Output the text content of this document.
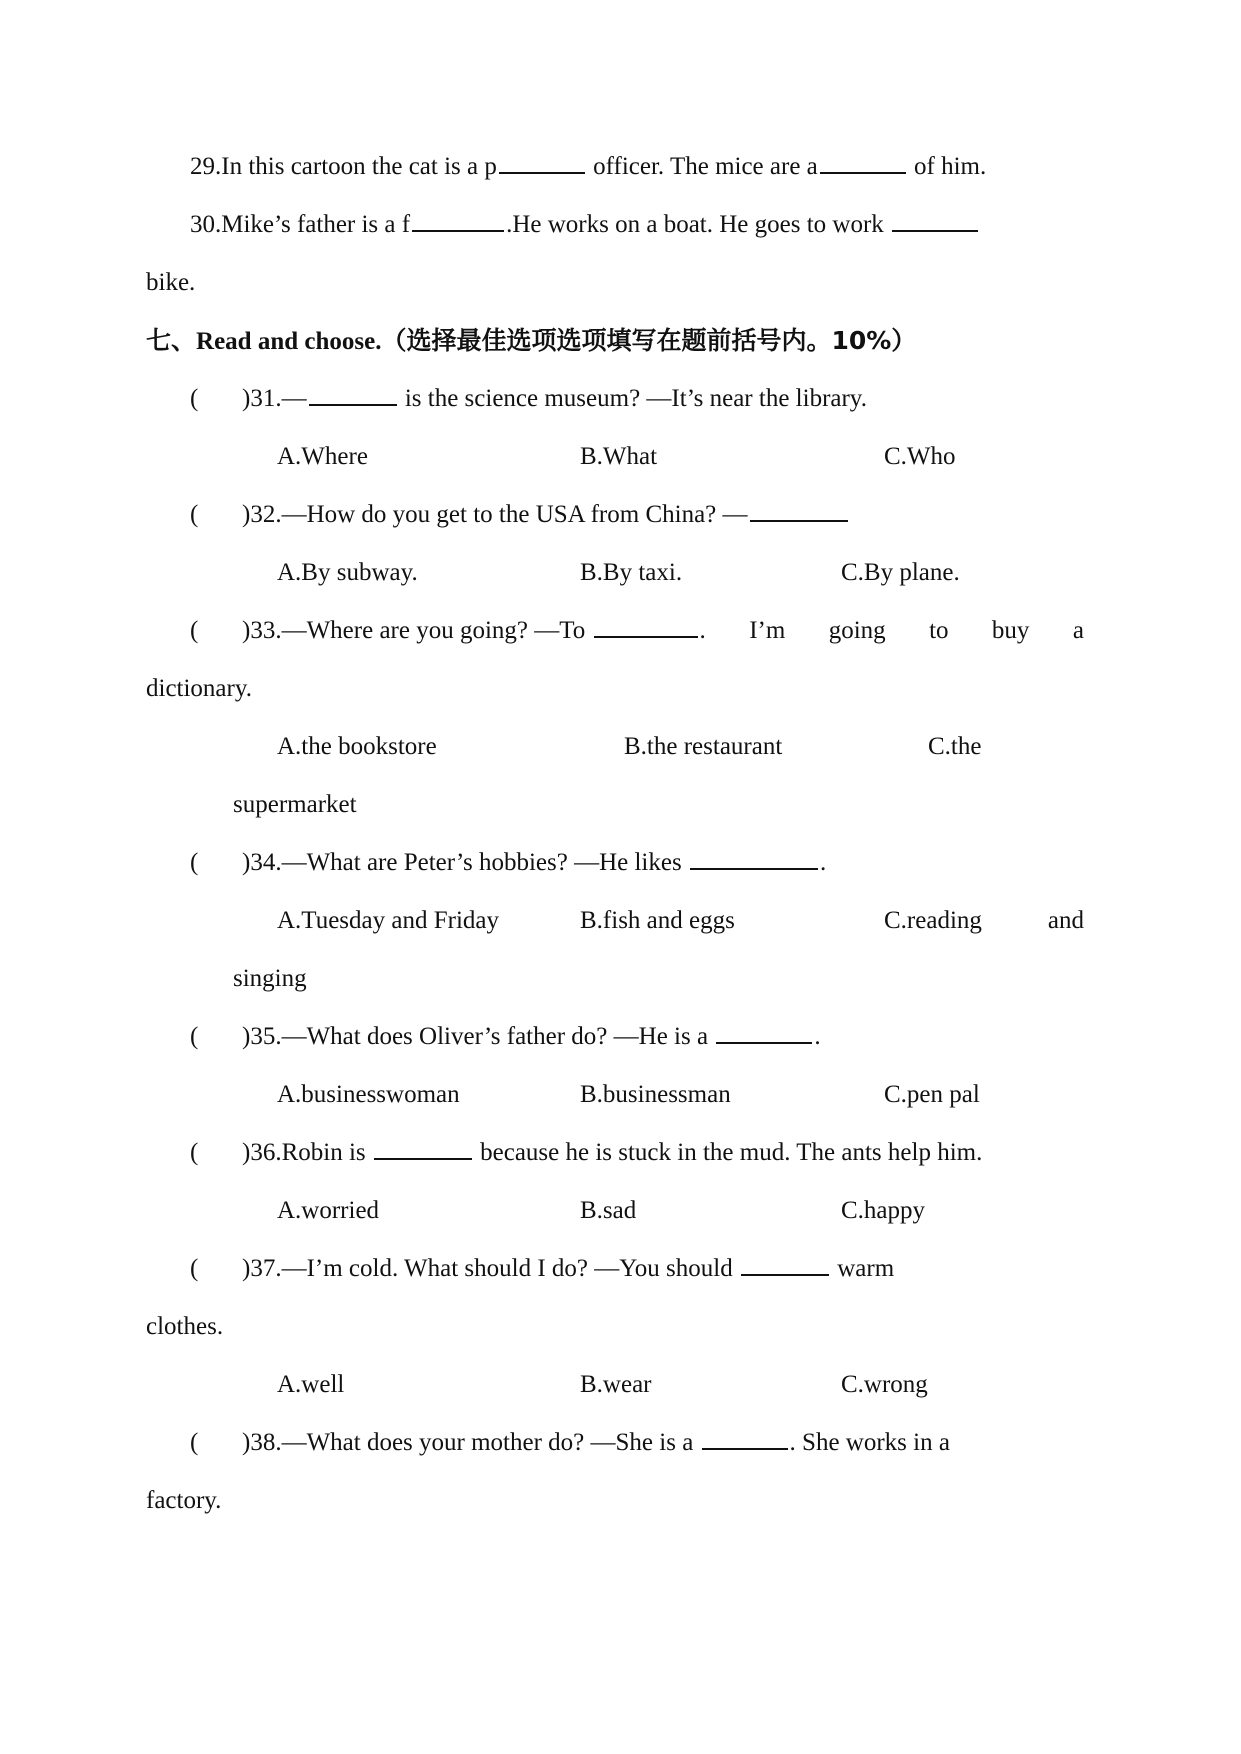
29.In this cartoon the cat is a p	officer. The mice are a	of him.
30.Mike’s father is a f	.He works on a boat. He goes to work
bike.
七、Read and choose.（选择最佳选项选项填写在题前括号内。10%）
( )31.—	is the science museum? —It’s near the library.
A.Where	B.What	C.Who
( )32.—How do you get to the USA from China? —
A.By subway.	B.By taxi.	C.By plane.
( )33.—Where are you going? —To	. I’m going to buy a
dictionary.
A.the bookstore	B.the restaurant	C.the
supermarket
( )34.—What are Peter’s hobbies? —He likes	.
A.Tuesday and Friday	B.fish and eggs	C.reading	and
singing
( )35.—What does Oliver’s father do? —He is a	.
A.businesswoman	B.businessman	C.pen pal
( )36.Robin is	because he is stuck in the mud. The ants help him.
A.worried	B.sad	C.happy
( )37.—I’m cold. What should I do? —You should	warm
clothes.
A.well	B.wear	C.wrong
( )38.—What does your mother do? —She is a	. She works in a
factory.
